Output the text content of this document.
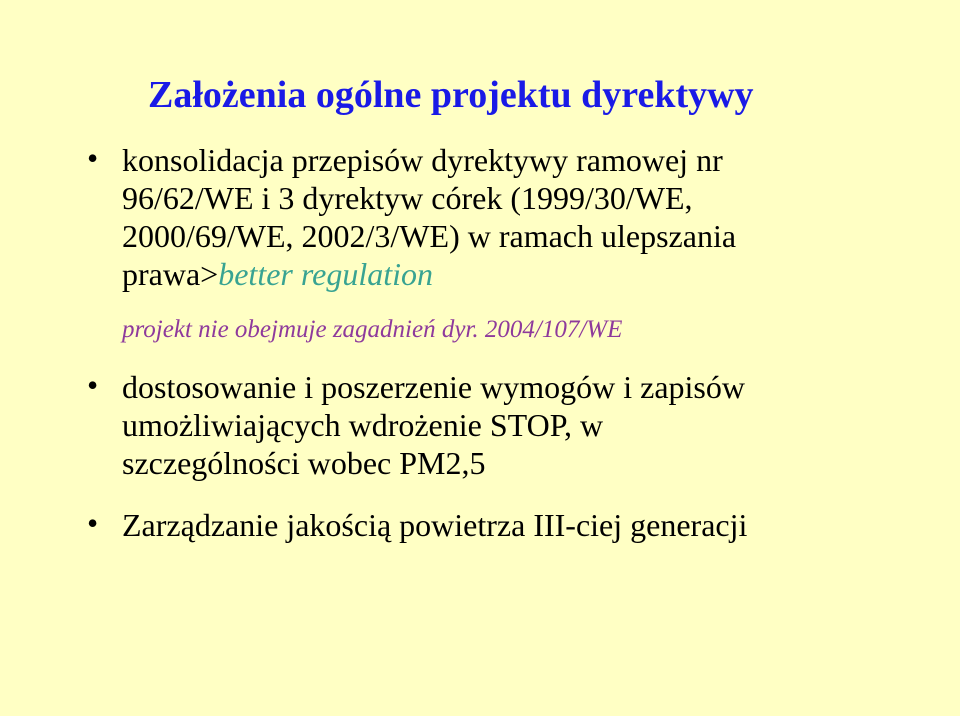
Założenia ogólne projektu dyrektywy
• konsolidacja przepisów dyrektywy ramowej nr
96/62/WE i 3 dyrektyw córek (1999/30/WE,
2000/69/WE, 2002/3/WE) w ramach ulepszania
prawa>better regulation
projekt nie obejmuje zagadnień dyr. 2004/107/WE
• dostosowanie i poszerzenie wymogów i zapisów
umożliwiających wdrożenie STOP, w
szczególności wobec PM2,5
• Zarządzanie jakością powietrza III-ciej generacji
